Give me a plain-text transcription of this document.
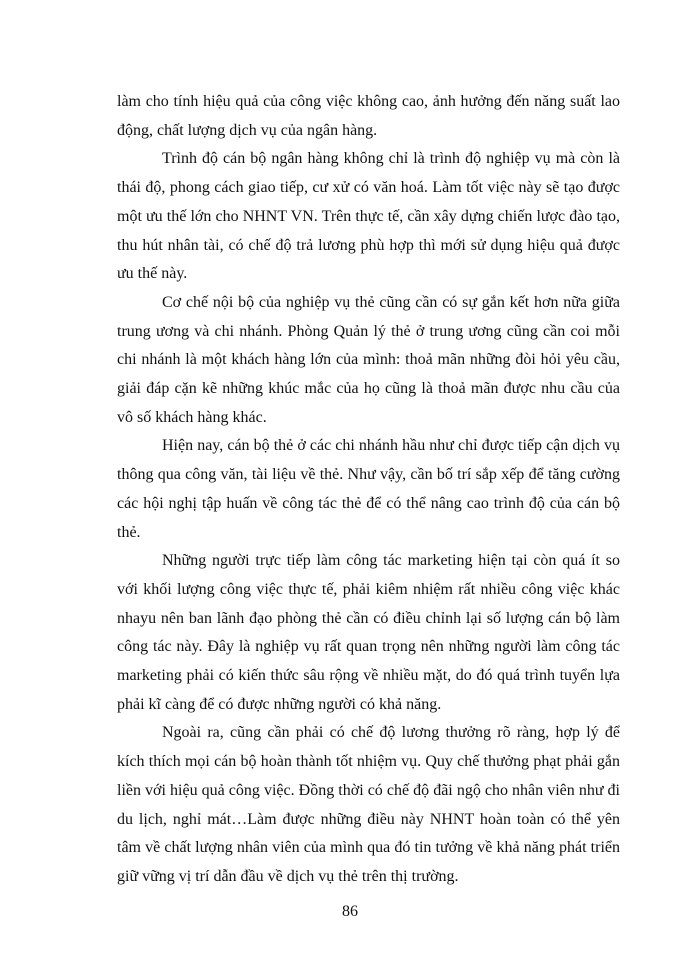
làm cho tính hiệu quả của công việc không cao, ảnh hưởng đến năng suất lao động, chất lượng dịch vụ của ngân hàng.

Trình độ cán bộ ngân hàng không chỉ là trình độ nghiệp vụ mà còn là thái độ, phong cách giao tiếp, cư xử có văn hoá. Làm tốt việc này sẽ tạo được một ưu thế lớn cho NHNT VN. Trên thực tế, cần xây dựng chiến lược đào tạo, thu hút nhân tài, có chế độ trả lương phù hợp thì mới sử dụng hiệu quả được ưu thế này.

Cơ chế nội bộ của nghiệp vụ thẻ cũng cần có sự gắn kết hơn nữa giữa trung ương và chi nhánh. Phòng Quản lý thẻ ở trung ương cũng cần coi mỗi chi nhánh là một khách hàng lớn của mình: thoả mãn những đòi hỏi yêu cầu, giải đáp cặn kẽ những khúc mắc của họ cũng là thoả mãn được nhu cầu của vô số khách hàng khác.

Hiện nay, cán bộ thẻ ở các chi nhánh hầu như chỉ được tiếp cận dịch vụ thông qua công văn, tài liệu về thẻ. Như vậy, cần bố trí sắp xếp để tăng cường các hội nghị tập huấn về công tác thẻ để có thể nâng cao trình độ của cán bộ thẻ.

Những người trực tiếp làm công tác marketing hiện tại còn quá ít so với khối lượng công việc thực tế, phải kiêm nhiệm rất nhiều công việc khác nhayu nên ban lãnh đạo phòng thẻ cần có điều chỉnh lại số lượng cán bộ làm công tác này. Đây là nghiệp vụ rất quan trọng nên những người làm công tác marketing phải có kiến thức sâu rộng về nhiều mặt, do đó quá trình tuyển lựa phải kĩ càng để có được những người có khả năng.

Ngoài ra, cũng cần phải có chế độ lương thưởng rõ ràng, hợp lý để kích thích mọi cán bộ hoàn thành tốt nhiệm vụ. Quy chế thưởng phạt phải gắn liền với hiệu quả công việc. Đồng thời có chế độ đãi ngộ cho nhân viên như đi du lịch, nghỉ mát…Làm được những điều này NHNT hoàn toàn có thể yên tâm về chất lượng nhân viên của mình qua đó tin tưởng về khả năng phát triển giữ vững vị trí dẫn đầu về dịch vụ thẻ trên thị trường.

86
